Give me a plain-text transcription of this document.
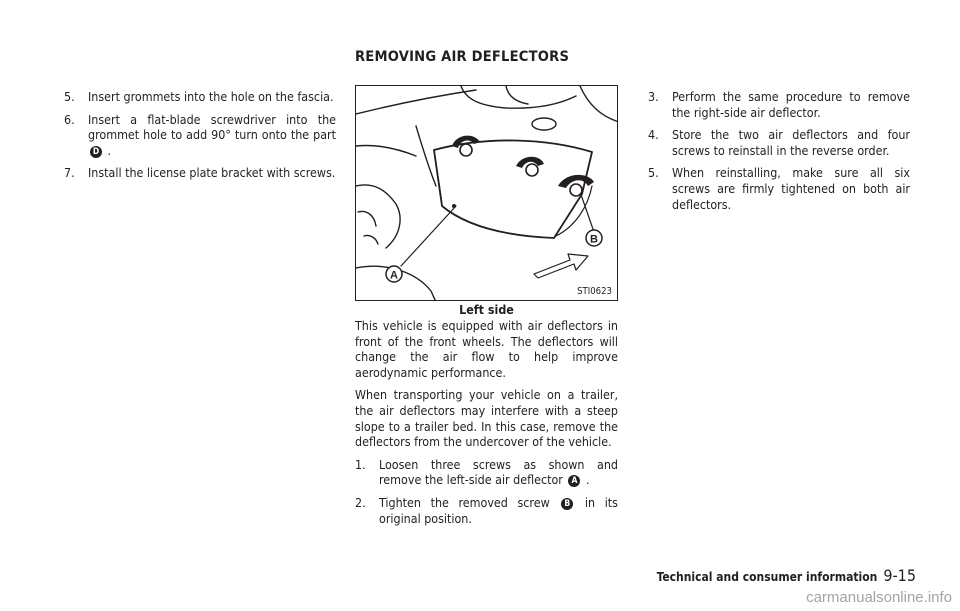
5.	Insert grommets into the hole on the fascia.
6.	Insert a flat-blade screwdriver into the grommet hole to add 90° turn onto the part D .
7.	Install the license plate bracket with screws.
REMOVING AIR DEFLECTORS
A
B
STI0623
Left side

This vehicle is equipped with air deflectors in front of the front wheels. The deflectors will change the air flow to help improve aerodynamic performance.

When transporting your vehicle on a trailer, the air deflectors may interfere with a steep slope to a trailer bed. In this case, remove the deflectors from the undercover of the vehicle.

1.	Loosen three screws as shown and remove the left-side air deflector A .
2.	Tighten the removed screw B in its original position.
3.	Perform the same procedure to remove the right-side air deflector.
4.	Store the two air deflectors and four screws to reinstall in the reverse order.
5.	When reinstalling, make sure all six screws are firmly tightened on both air deflectors.
Technical and consumer information 9-15
carmanualsonline.info
